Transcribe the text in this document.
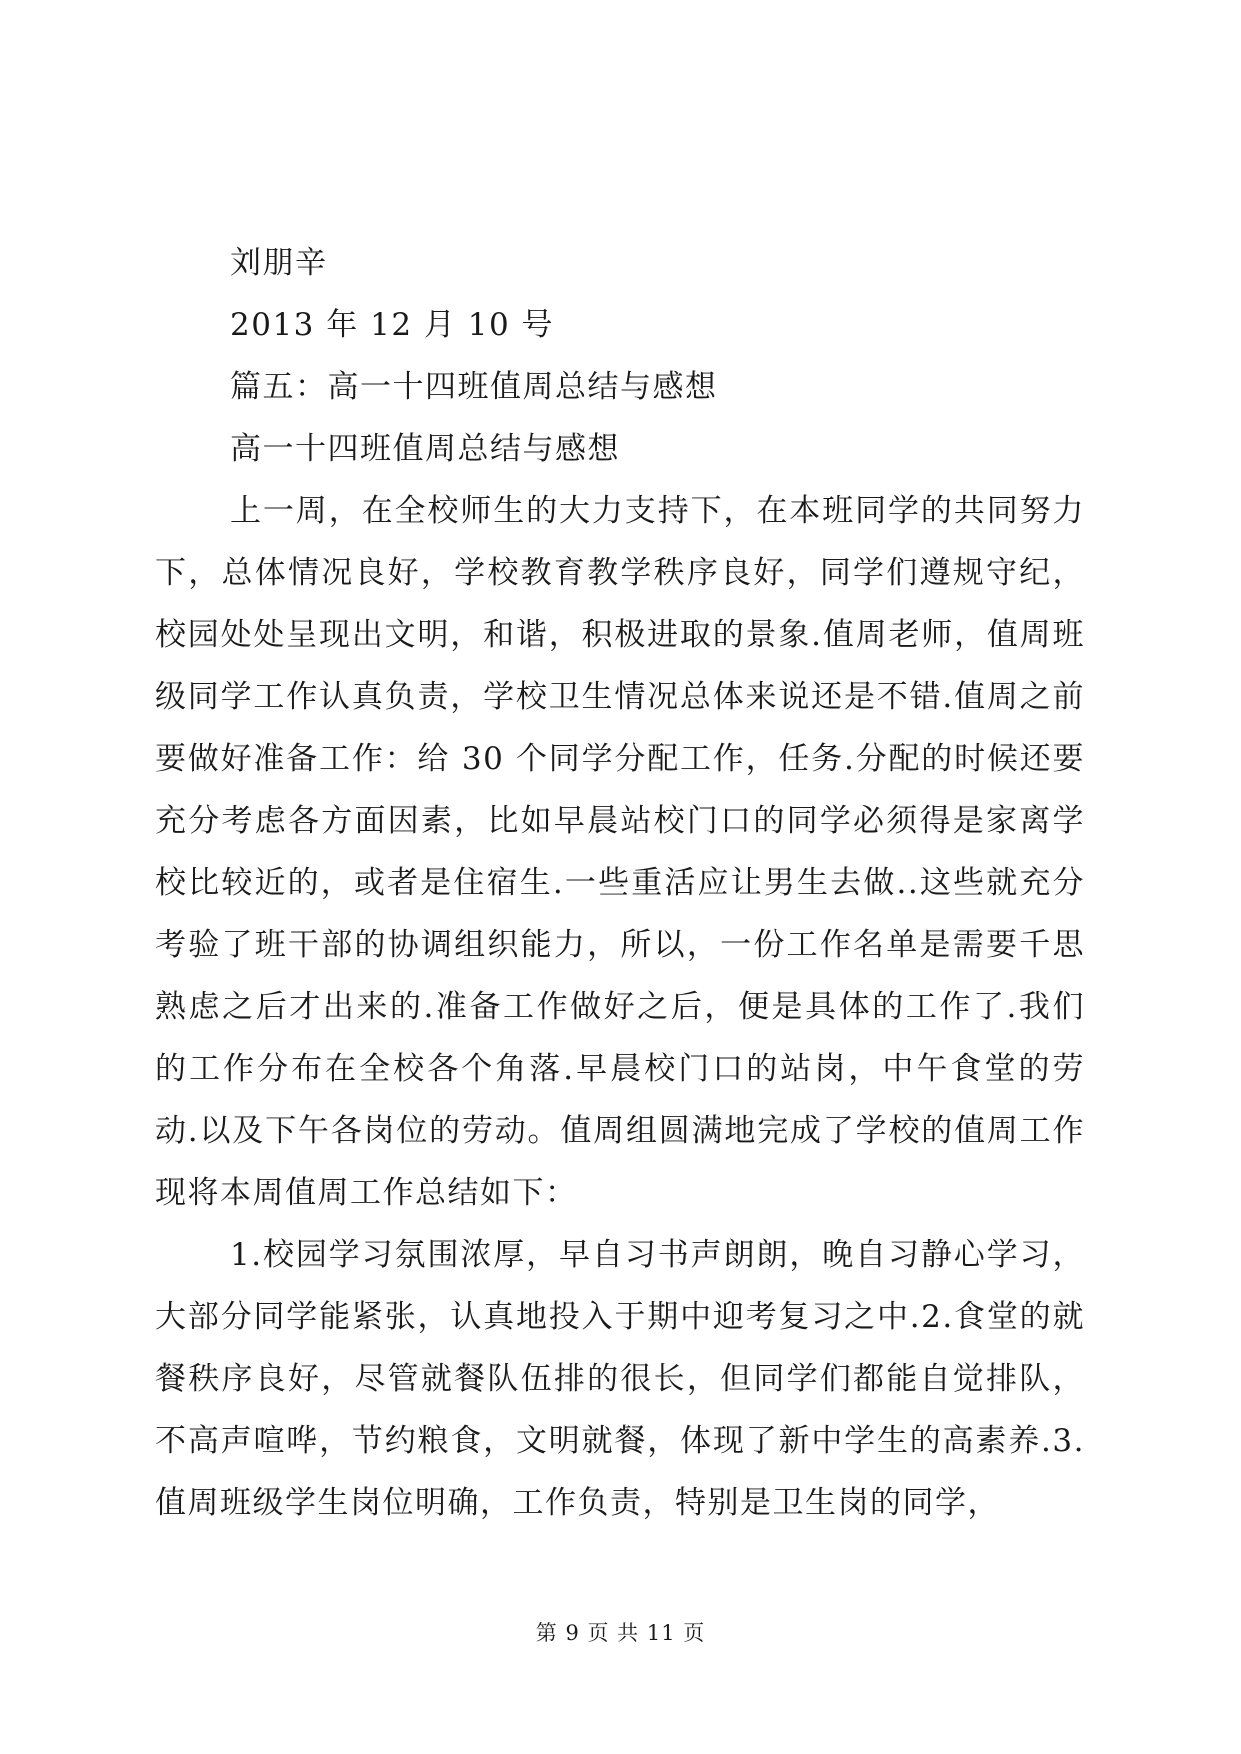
刘朋辛
2013 年 12 月 10 号
篇五：高一十四班值周总结与感想
高一十四班值周总结与感想

上一周，在全校师生的大力支持下，在本班同学的共同努力下，总体情况良好，学校教育教学秩序良好，同学们遵规守纪，校园处处呈现出文明，和谐，积极进取的景象.值周老师，值周班级同学工作认真负责，学校卫生情况总体来说还是不错.值周之前要做好准备工作：给 30 个同学分配工作，任务.分配的时候还要充分考虑各方面因素，比如早晨站校门口的同学必须得是家离学校比较近的，或者是住宿生.一些重活应让男生去做..这些就充分考验了班干部的协调组织能力，所以，一份工作名单是需要千思熟虑之后才出来的.准备工作做好之后，便是具体的工作了.我们的工作分布在全校各个角落.早晨校门口的站岗，中午食堂的劳动.以及下午各岗位的劳动。值周组圆满地完成了学校的值周工作现将本周值周工作总结如下：

1.校园学习氛围浓厚，早自习书声朗朗，晚自习静心学习，大部分同学能紧张，认真地投入于期中迎考复习之中.2.食堂的就餐秩序良好，尽管就餐队伍排的很长，但同学们都能自觉排队，不高声喧哗，节约粮食，文明就餐，体现了新中学生的高素养.3.值周班级学生岗位明确，工作负责，特别是卫生岗的同学，

第 9 页 共 11 页
